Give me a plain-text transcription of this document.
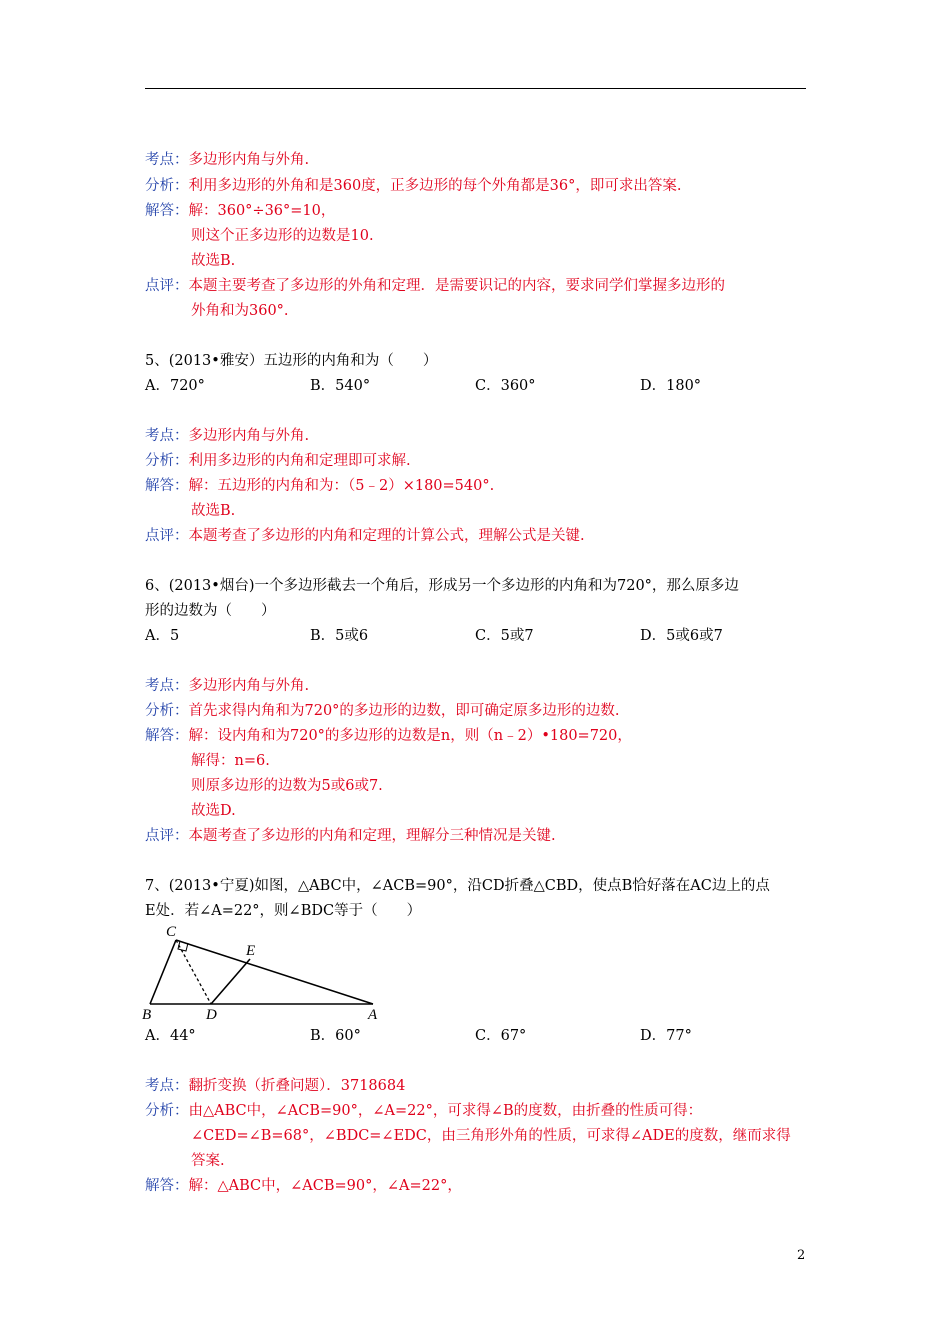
考点：多边形内角与外角.
分析：利用多边形的外角和是360度，正多边形的每个外角都是36°，即可求出答案.
解答：解：360°÷36°=10，
则这个正多边形的边数是10.
故选B.
点评：本题主要考查了多边形的外角和定理．是需要识记的内容，要求同学们掌握多边形的
外角和为360°.
5、(2013•雅安）五边形的内角和为（　　）
A．720°	B．540°	C．360°	D．180°
考点：多边形内角与外角.
分析：利用多边形的内角和定理即可求解.
解答：解：五边形的内角和为：（5﹣2）×180=540°.
故选B.
点评：本题考查了多边形的内角和定理的计算公式，理解公式是关键.
6、(2013•烟台)一个多边形截去一个角后，形成另一个多边形的内角和为720°，那么原多边
形的边数为（　　）
A．5	B．5或6	C．5或7	D．5或6或7
考点：多边形内角与外角.
分析：首先求得内角和为720°的多边形的边数，即可确定原多边形的边数.
解答：解：设内角和为720°的多边形的边数是n，则（n﹣2）•180=720，
解得：n=6.
则原多边形的边数为5或6或7.
故选D.
点评：本题考查了多边形的内角和定理，理解分三种情况是关键.
7、(2013•宁夏)如图，△ABC中，∠ACB=90°，沿CD折叠△CBD，使点B恰好落在AC边上的点
E处．若∠A=22°，则∠BDC等于（　　）
C
E
B	D	A
A．44°	B．60°	C．67°	D．77°
考点：翻折变换（折叠问题）．3718684
分析：由△ABC中，∠ACB=90°，∠A=22°，可求得∠B的度数，由折叠的性质可得：
∠CED=∠B=68°，∠BDC=∠EDC，由三角形外角的性质，可求得∠ADE的度数，继而求得
答案.
解答：解：△ABC中，∠ACB=90°，∠A=22°，
2
